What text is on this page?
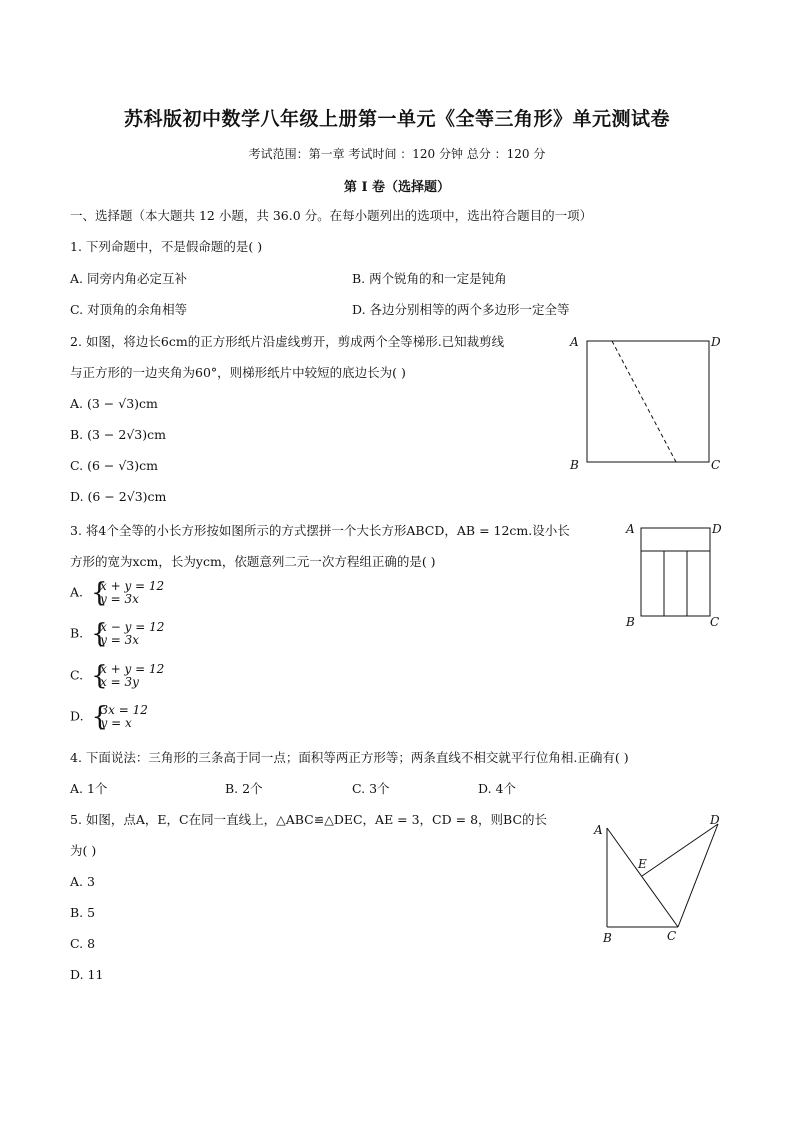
苏科版初中数学八年级上册第一单元《全等三角形》单元测试卷
考试范围：第一章 考试时间 ：120 分钟 总分 ：120 分
第 I 卷（选择题）
一、选择题（本大题共 12 小题，共 36.0 分。在每小题列出的选项中，选出符合题目的一项）
1. 下列命题中，不是假命题的是( )
A. 同旁内角必定互补	B. 两个锐角的和一定是钝角
C. 对顶角的余角相等	D. 各边分别相等的两个多边形一定全等
2. 如图，将边长6cm的正方形纸片沿虚线剪开，剪成两个全等梯形.已知裁剪线
与正方形的一边夹角为60°，则梯形纸片中较短的底边长为( )
A. (3 − √3)cm
B. (3 − 2√3)cm
C. (6 − √3)cm
D. (6 − 2√3)cm
A	D
B	C
3. 将4个全等的小长方形按如图所示的方式摆拼一个大长方形ABCD，AB = 12cm.设小长
方形的宽为xcm，长为ycm，依题意列二元一次方程组正确的是( )
A. {
x + y = 12
y = 3x
B. {
x − y = 12
y = 3x
C. {
x + y = 12
x = 3y
D. {
3x = 12
y = x
A	D
B	C
4. 下面说法：三角形的三条高于同一点；面积等两正方形等；两条直线不相交就平行位角相.正确有( )
A. 1个	B. 2个	C. 3个	D. 4个
5. 如图，点A，E，C在同一直线上，△ABC≌△DEC，AE = 3，CD = 8，则BC的长
为( )
A. 3
B. 5
C. 8
D. 11
A
D
E
B	C
